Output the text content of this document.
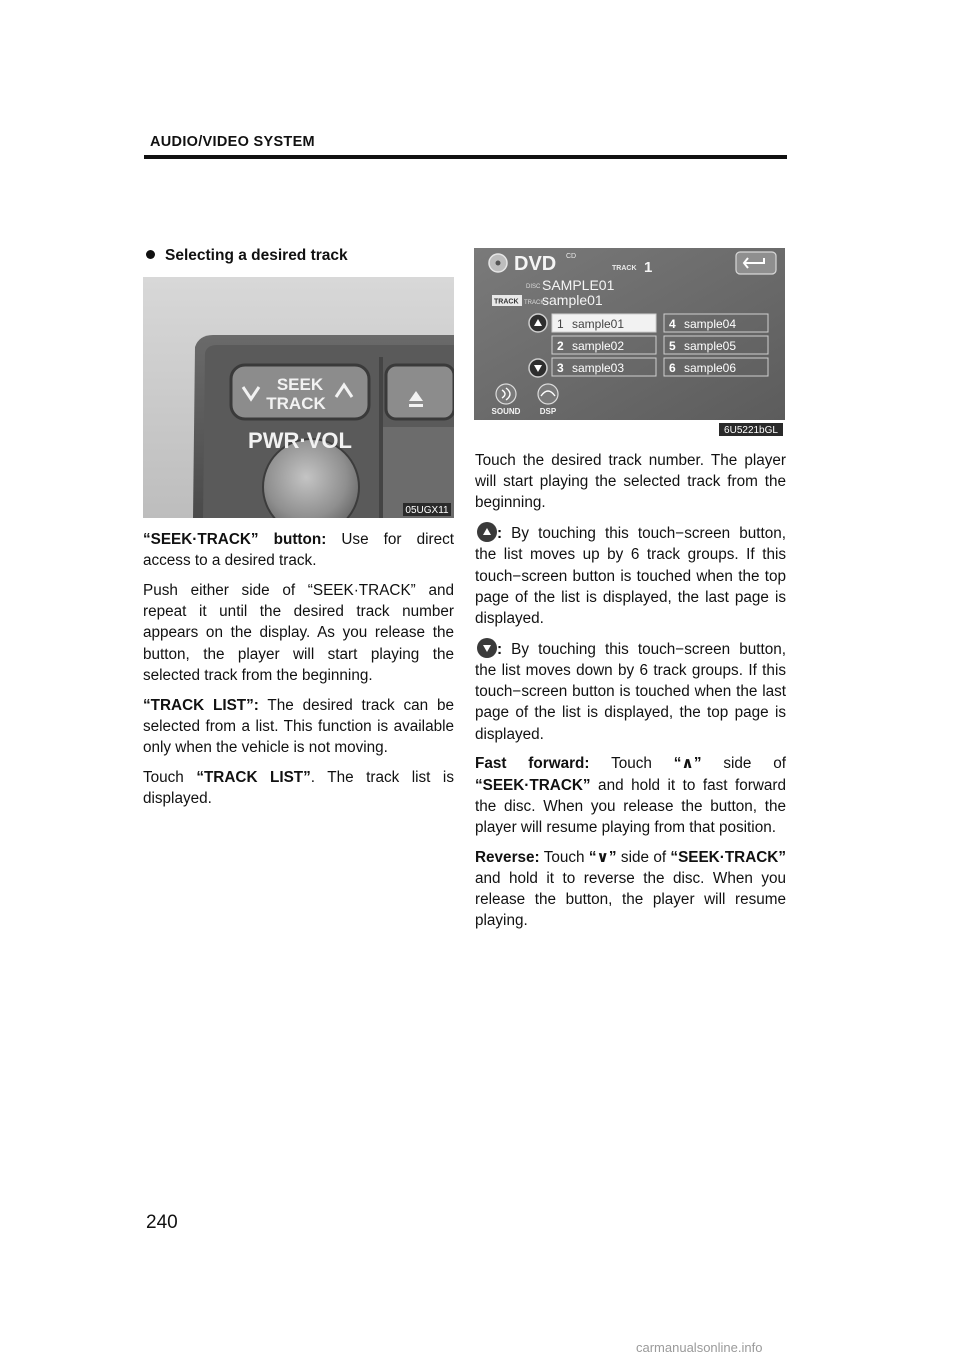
AUDIO/VIDEO SYSTEM
Selecting a desired track
SEEK
TRACK
PWR·VOL
05UGX11
DVD CD
TRACK 1
DISC SAMPLE01
TRACK TRACK
sample01
1 sample01
2 sample02
3 sample03
4 sample04
5 sample05
6 sample06
SOUND DSP
6U5221bGL

“SEEK·TRACK” button: Use for direct access to a desired track.

Push either side of “SEEK·TRACK” and repeat it until the desired track number appears on the display. As you release the button, the player will start playing the selected track from the beginning.

“TRACK LIST”: The desired track can be selected from a list. This function is available only when the vehicle is not moving.

Touch “TRACK LIST”. The track list is displayed.

Touch the desired track number. The player will start playing the selected track from the beginning.

: By touching this touch−screen button, the list moves up by 6 track groups. If this touch−screen button is touched when the top page of the list is displayed, the last page is displayed.

: By touching this touch−screen button, the list moves down by 6 track groups. If this touch−screen button is touched when the last page of the list is displayed, the top page is displayed.

Fast forward: Touch “∧” side of “SEEK·TRACK” and hold it to fast forward the disc. When you release the button, the player will resume playing from that position.

Reverse: Touch “∨” side of “SEEK·TRACK” and hold it to reverse the disc. When you release the button, the player will resume playing.

240
carmanualsonline.info
